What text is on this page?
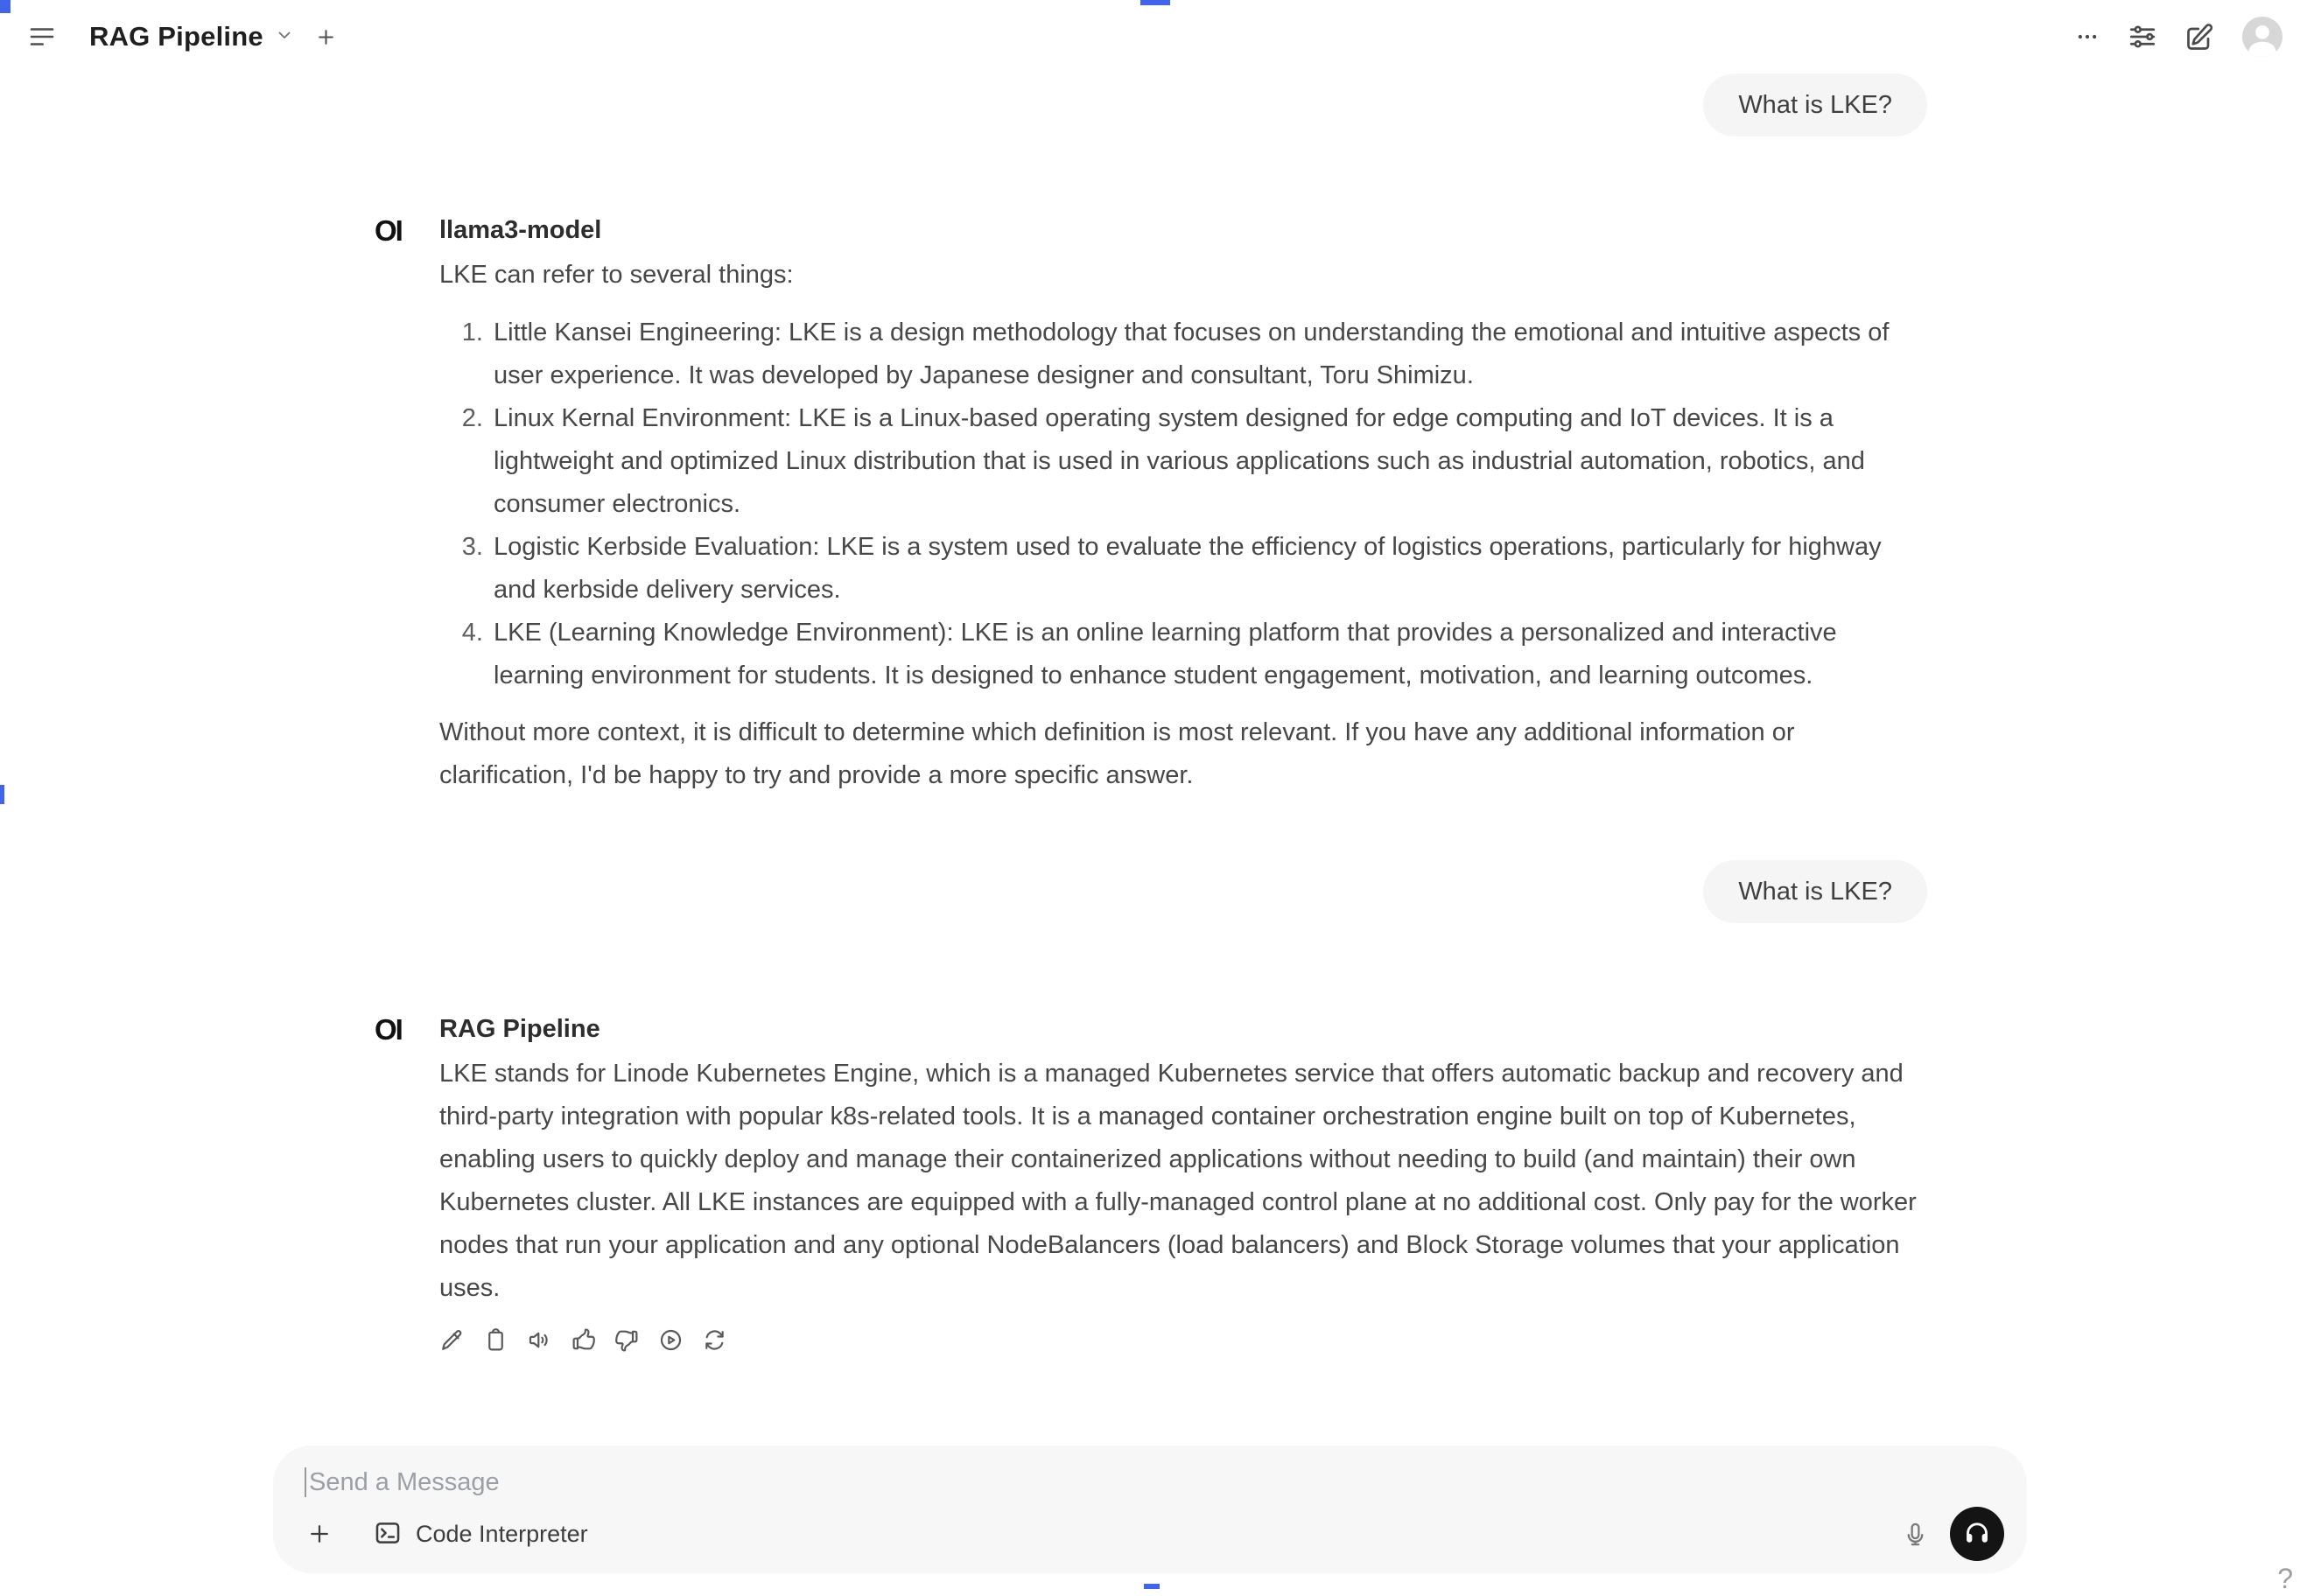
RAG Pipeline
What is LKE?
OI	llama3-model

LKE can refer to several things:

1. Little Kansei Engineering: LKE is a design methodology that focuses on understanding the emotional and intuitive aspects of user experience. It was developed by Japanese designer and consultant, Toru Shimizu.
2. Linux Kernal Environment: LKE is a Linux-based operating system designed for edge computing and IoT devices. It is a lightweight and optimized Linux distribution that is used in various applications such as industrial automation, robotics, and consumer electronics.
3. Logistic Kerbside Evaluation: LKE is a system used to evaluate the efficiency of logistics operations, particularly for highway and kerbside delivery services.
4. LKE (Learning Knowledge Environment): LKE is an online learning platform that provides a personalized and interactive learning environment for students. It is designed to enhance student engagement, motivation, and learning outcomes.

Without more context, it is difficult to determine which definition is most relevant. If you have any additional information or clarification, I'd be happy to try and provide a more specific answer.

What is LKE?
OI	RAG Pipeline

LKE stands for Linode Kubernetes Engine, which is a managed Kubernetes service that offers automatic backup and recovery and third-party integration with popular k8s-related tools. It is a managed container orchestration engine built on top of Kubernetes, enabling users to quickly deploy and manage their containerized applications without needing to build (and maintain) their own Kubernetes cluster. All LKE instances are equipped with a fully-managed control plane at no additional cost. Only pay for the worker nodes that run your application and any optional NodeBalancers (load balancers) and Block Storage volumes that your application uses.

Send a Message
Code Interpreter
?
